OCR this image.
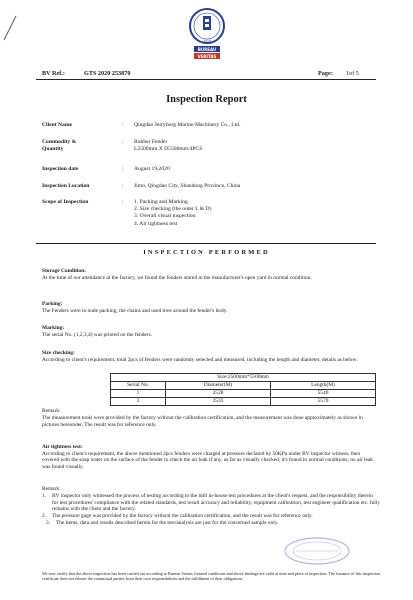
BUREAU
VERITAS
1828
BV Ref.:	GTS 2020 253870	Page: 1of 5
Inspection Report
Client Name	: Qingdao Jerryborg Marine Machinery Co., Ltd.
Commodity &
Quantity
: Rubber Fender
L2500mm X D5500mm:4PCS
Inspection date	: August 19,2020
Inspection Location	: Jimo, Qingdao City, Shandong Province, China
Scope of Inspection	: 1. Packing and Marking
2. Size checking (the outer L & D)
3. Overall visual inspection
4. Air tightness test
INSPECTION PERFORMED
Storage Condition:
At the time of our attendance at the factory, we found the fenders stored in the manufacturer's open yard in normal condition.
Parking:
The Fenders were in nude packing, the chains and used tires around the fender's body.
Marking:
The serial No. (1,2,3,4) was printed on the fenders.
Size checking:
According to client's requirement, total 2pcs of fenders were randomly selected and measured, including the length and diameter, details as below:
Size:2500mm*5500mm		
Serial No.	Diameter(M)	Length(M)
1	2528	5540
3	2535	5570
Remark:
The measurement tools were provided by the factory without the calibration certification, and the measurement was done approximately as shown in pictures hereunder. The result was for reference only.
Air tightness test:
According to client's requirement, the above mentioned 2pcs fenders were charged at pressure declared by 50KPa under BV inspector witness, then covered with the soap water on the surface of the fender to check the air leak if any, as far as visually checked, it's found in normal conditions, no air leak was found visually.
Remark:
1. BV inspector only witnessed the process of testing according to the mill in-house test procedures at the client's request, and the responsibility therein for test procedures' compliance with the related standards, test result accuracy and reliability, equipment calibration, test engineer qualification etc. fully remains with the client and the factory.
2. The pressure gage was provided by the factory without the calibration certification, and the result was for reference only.
3. The items, data and results described herein for the test/analysis are just for the concerned sample only.
We now certify that the above inspection has been carried out according to Bureau Veritas General conditions and above findings are valid at time and place of inspection. The issuance of this inspection certificate does not release the contractual parties from their own responsibilities and the fulfillment of their obligations.
